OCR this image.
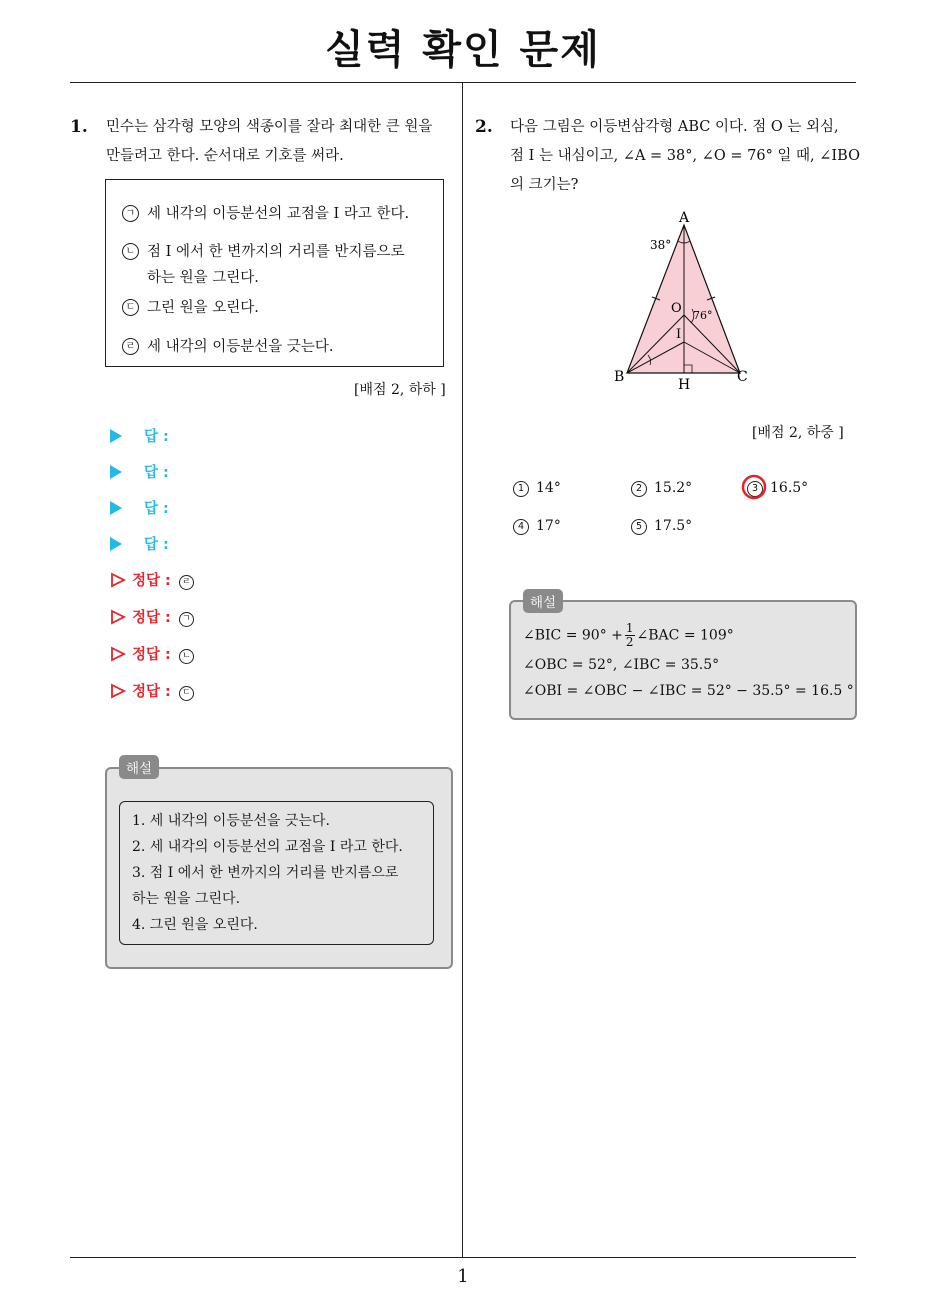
실력 확인 문제
1. 민수는 삼각형 모양의 색종이를 잘라 최대한 큰 원을
만들려고 한다. 순서대로 기호를 써라.
ㄱ 세 내각의 이등분선의 교점을 I 라고 한다.
ㄴ 점 I 에서 한 변까지의 거리를 반지름으로
하는 원을 그린다.
ㄷ 그린 원을 오린다.
ㄹ 세 내각의 이등분선을 긋는다.
[배점 2, 하하 ]
답 :
답 :
답 :
답 :
정답 : ㄹ
정답 : ㄱ
정답 : ㄴ
정답 : ㄷ
1. 세 내각의 이등분선을 긋는다.
2. 세 내각의 이등분선의 교점을 I 라고 한다.
3. 점 I 에서 한 변까지의 거리를 반지름으로
하는 원을 그린다.
4. 그린 원을 오린다.
해설
2. 다음 그림은 이등변삼각형 ABC 이다. 점 O 는 외심,
점 I 는 내심이고, ∠A = 38°, ∠O = 76° 일 때, ∠IBO
의 크기는?
A
38°
O 76°
I
B	C
H
[배점 2, 하중 ]
1 14°	2 15.2°	3 16.5°
4 17°	5 17.5°
∠BIC = $90^\circ + \frac{1}{2}$ ∠BAC = 109°
∠OBC = 52°, ∠IBC = 35.5°
∠OBI = ∠OBC − ∠IBC = 52° − 35.5° = 16.5 °
해설
1
